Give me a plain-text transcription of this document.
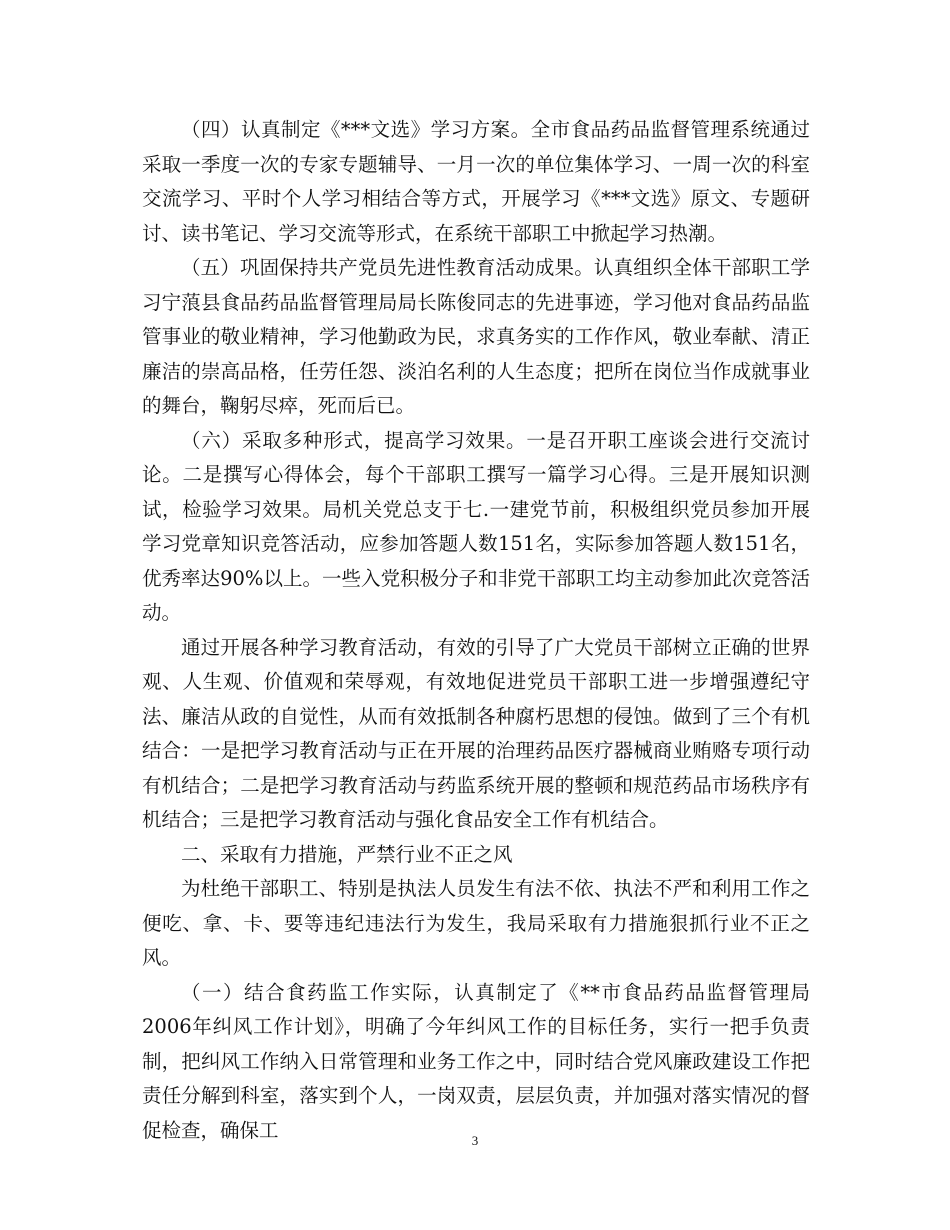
（四）认真制定《***文选》学习方案。全市食品药品监督管理系统通过采取一季度一次的专家专题辅导、一月一次的单位集体学习、一周一次的科室交流学习、平时个人学习相结合等方式，开展学习《***文选》原文、专题研讨、读书笔记、学习交流等形式，在系统干部职工中掀起学习热潮。

（五）巩固保持共产党员先进性教育活动成果。认真组织全体干部职工学习宁蒗县食品药品监督管理局局长陈俊同志的先进事迹，学习他对食品药品监管事业的敬业精神，学习他勤政为民，求真务实的工作作风，敬业奉献、清正廉洁的崇高品格，任劳任怨、淡泊名利的人生态度；把所在岗位当作成就事业的舞台，鞠躬尽瘁，死而后已。

（六）采取多种形式，提高学习效果。一是召开职工座谈会进行交流讨论。二是撰写心得体会，每个干部职工撰写一篇学习心得。三是开展知识测试，检验学习效果。局机关党总支于七.一建党节前，积极组织党员参加开展学习党章知识竞答活动，应参加答题人数151名，实际参加答题人数151名，优秀率达90%以上。一些入党积极分子和非党干部职工均主动参加此次竞答活动。

通过开展各种学习教育活动，有效的引导了广大党员干部树立正确的世界观、人生观、价值观和荣辱观，有效地促进党员干部职工进一步增强遵纪守法、廉洁从政的自觉性，从而有效抵制各种腐朽思想的侵蚀。做到了三个有机结合：一是把学习教育活动与正在开展的治理药品医疗器械商业贿赂专项行动有机结合；二是把学习教育活动与药监系统开展的整顿和规范药品市场秩序有机结合；三是把学习教育活动与强化食品安全工作有机结合。

二、采取有力措施，严禁行业不正之风

为杜绝干部职工、特别是执法人员发生有法不依、执法不严和利用工作之便吃、拿、卡、要等违纪违法行为发生，我局采取有力措施狠抓行业不正之风。

（一）结合食药监工作实际，认真制定了《**市食品药品监督管理局2006年纠风工作计划》，明确了今年纠风工作的目标任务，实行一把手负责制，把纠风工作纳入日常管理和业务工作之中，同时结合党风廉政建设工作把责任分解到科室，落实到个人，一岗双责，层层负责，并加强对落实情况的督促检查，确保工	3
